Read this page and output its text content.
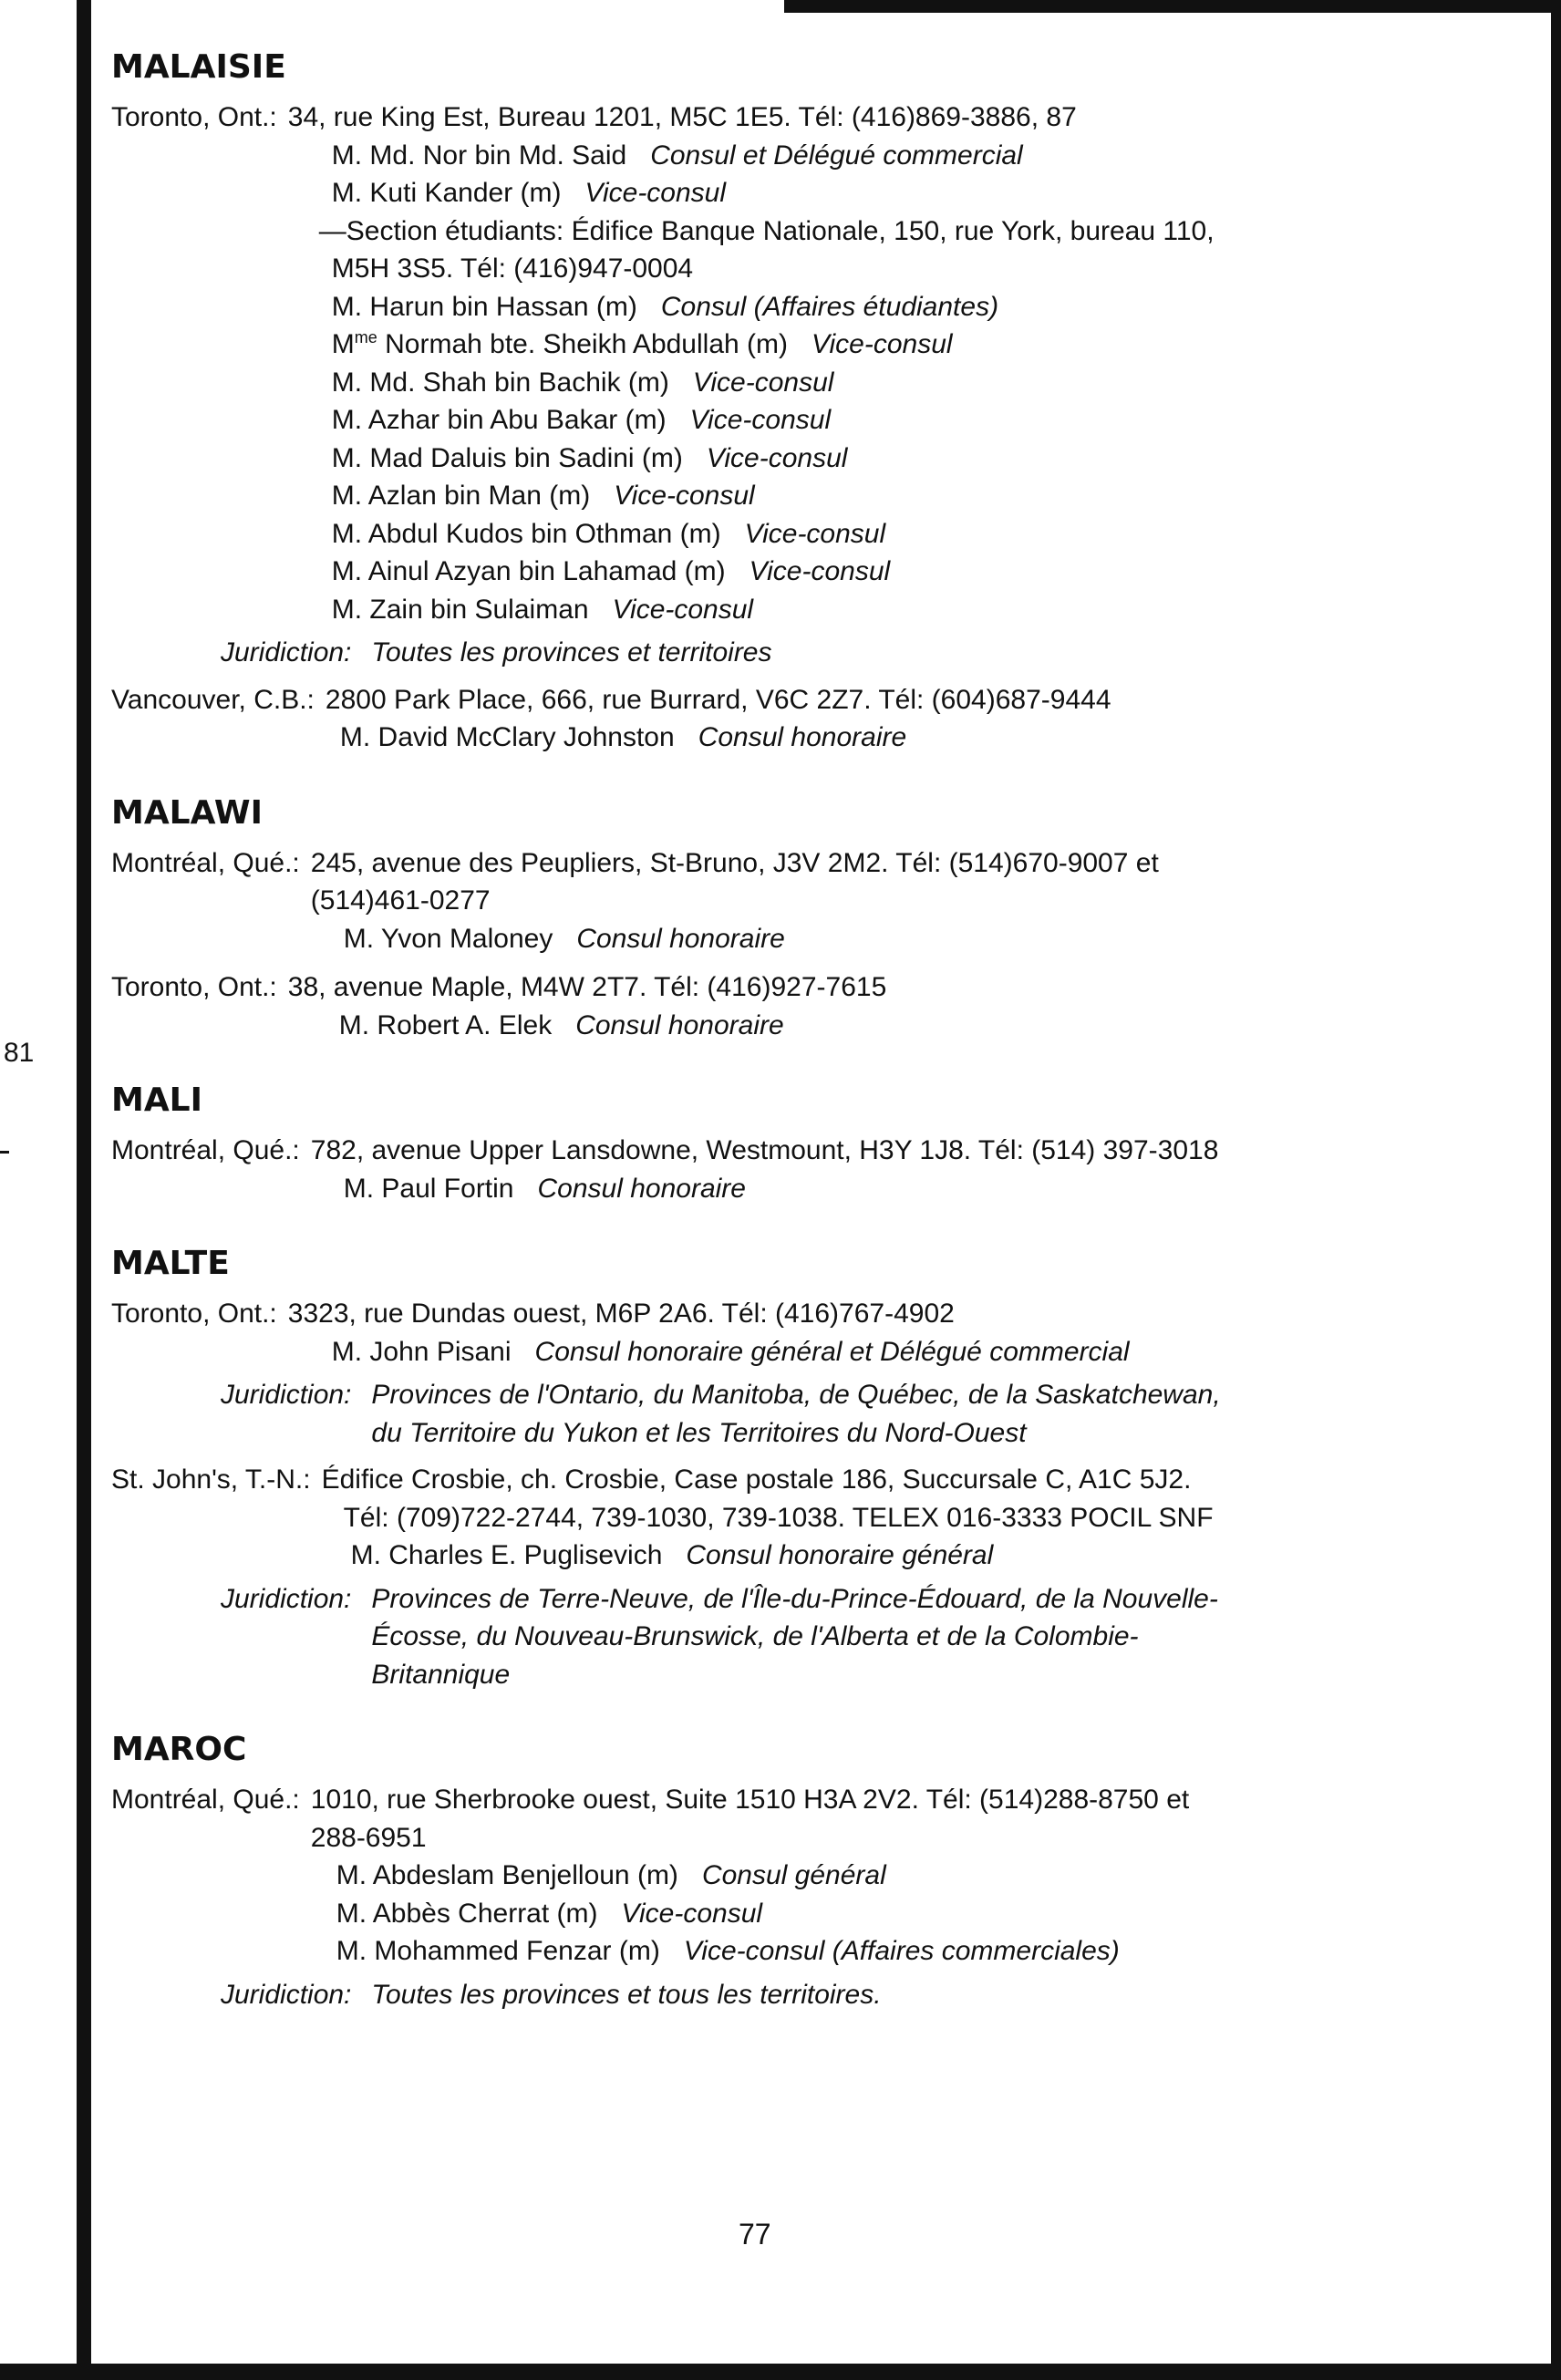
81
MALAISIE
Toronto, Ont.: 34, rue King Est, Bureau 1201, M5C 1E5. Tél: (416)869-3886, 87
M. Md. Nor bin Md. Said Consul et Délégué commercial
M. Kuti Kander (m) Vice-consul
—Section étudiants: Édifice Banque Nationale, 150, rue York, bureau 110,
M5H 3S5. Tél: (416)947-0004
M. Harun bin Hassan (m) Consul (Affaires étudiantes)
$M^{me}$ Normah bte. Sheikh Abdullah (m) Vice-consul
M. Md. Shah bin Bachik (m) Vice-consul
M. Azhar bin Abu Bakar (m) Vice-consul
M. Mad Daluis bin Sadini (m) Vice-consul
M. Azlan bin Man (m) Vice-consul
M. Abdul Kudos bin Othman (m) Vice-consul
M. Ainul Azyan bin Lahamad (m) Vice-consul
M. Zain bin Sulaiman Vice-consul
Juridiction: Toutes les provinces et territoires
Vancouver, C.B.: 2800 Park Place, 666, rue Burrard, V6C 2Z7. Tél: (604)687-9444
M. David McClary Johnston Consul honoraire
MALAWI
Montréal, Qué.: 245, avenue des Peupliers, St-Bruno, J3V 2M2. Tél: (514)670-9007 et
(514)461-0277
M. Yvon Maloney Consul honoraire
Toronto, Ont.: 38, avenue Maple, M4W 2T7. Tél: (416)927-7615
M. Robert A. Elek Consul honoraire
MALI
Montréal, Qué.: 782, avenue Upper Lansdowne, Westmount, H3Y 1J8. Tél: (514) 397-3018
M. Paul Fortin Consul honoraire
MALTE
Toronto, Ont.: 3323, rue Dundas ouest, M6P 2A6. Tél: (416)767-4902
M. John Pisani Consul honoraire général et Délégué commercial
Juridiction: Provinces de l'Ontario, du Manitoba, de Québec, de la Saskatchewan,
du Territoire du Yukon et les Territoires du Nord-Ouest
St. John's, T.-N.: Édifice Crosbie, ch. Crosbie, Case postale 186, Succursale C, A1C 5J2.
Tél: (709)722-2744, 739-1030, 739-1038. TELEX 016-3333 POCIL SNF
M. Charles E. Puglisevich Consul honoraire général
Juridiction: Provinces de Terre-Neuve, de l'Île-du-Prince-Édouard, de la Nouvelle-
Écosse, du Nouveau-Brunswick, de l'Alberta et de la Colombie-
Britannique
MAROC
Montréal, Qué.: 1010, rue Sherbrooke ouest, Suite 1510 H3A 2V2. Tél: (514)288-8750 et
288-6951
M. Abdeslam Benjelloun (m) Consul général
M. Abbès Cherrat (m) Vice-consul
M. Mohammed Fenzar (m) Vice-consul (Affaires commerciales)
Juridiction: Toutes les provinces et tous les territoires.
77
